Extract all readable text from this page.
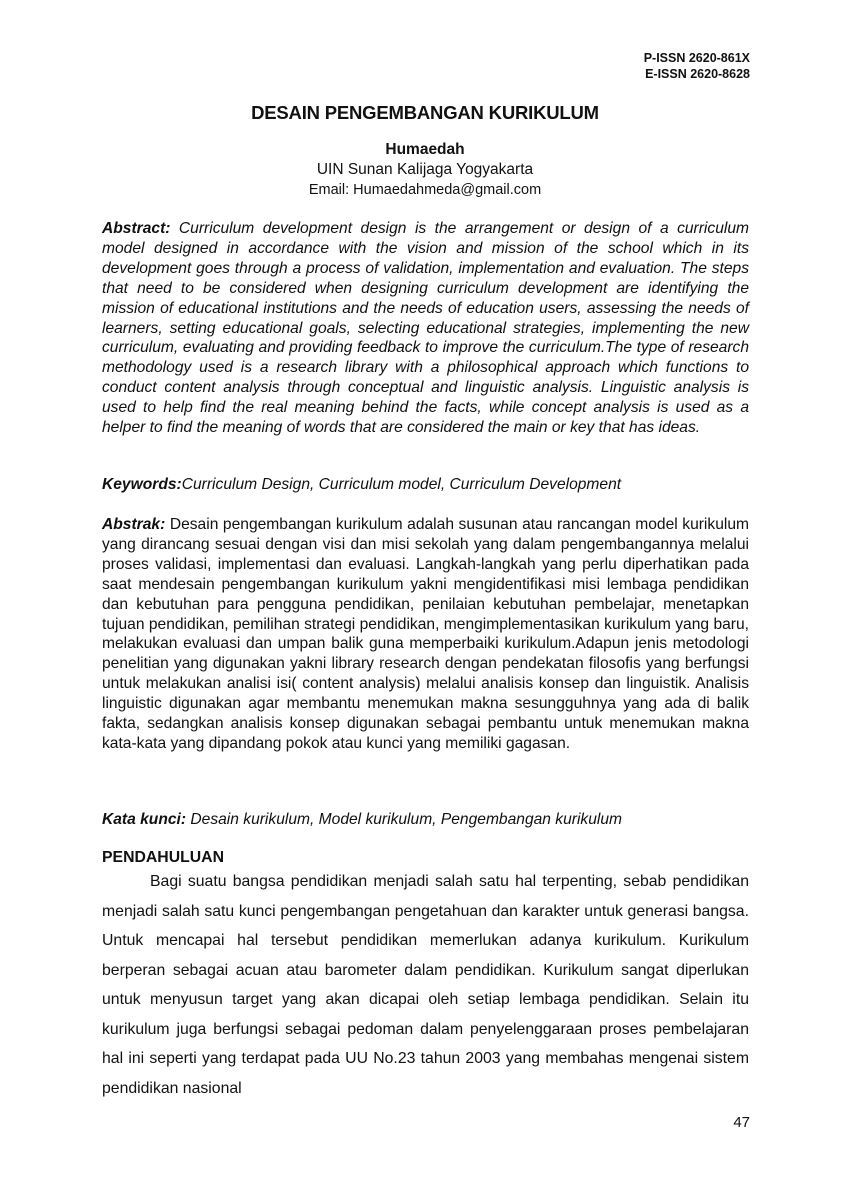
P-ISSN 2620-861X
E-ISSN 2620-8628
DESAIN PENGEMBANGAN KURIKULUM
Humaedah
UIN Sunan Kalijaga Yogyakarta
Email: Humaedahmeda@gmail.com
Abstract: Curriculum development design is the arrangement or design of a curriculum model designed in accordance with the vision and mission of the school which in its development goes through a process of validation, implementation and evaluation. The steps that need to be considered when designing curriculum development are identifying the mission of educational institutions and the needs of education users, assessing the needs of learners, setting educational goals, selecting educational strategies, implementing the new curriculum, evaluating and providing feedback to improve the curriculum.The type of research methodology used is a research library with a philosophical approach which functions to conduct content analysis through conceptual and linguistic analysis. Linguistic analysis is used to help find the real meaning behind the facts, while concept analysis is used as a helper to find the meaning of words that are considered the main or key that has ideas.
Keywords:Curriculum Design, Curriculum model, Curriculum Development
Abstrak: Desain pengembangan kurikulum adalah susunan atau rancangan model kurikulum yang dirancang sesuai dengan visi dan misi sekolah yang dalam pengembangannya melalui proses validasi, implementasi dan evaluasi. Langkah-langkah yang perlu diperhatikan pada saat mendesain pengembangan kurikulum yakni mengidentifikasi misi lembaga pendidikan dan kebutuhan para pengguna pendidikan, penilaian kebutuhan pembelajar, menetapkan tujuan pendidikan, pemilihan strategi pendidikan, mengimplementasikan kurikulum yang baru, melakukan evaluasi dan umpan balik guna memperbaiki kurikulum.Adapun jenis metodologi penelitian yang digunakan yakni library research dengan pendekatan filosofis yang berfungsi untuk melakukan analisi isi( content analysis) melalui analisis konsep dan linguistik. Analisis linguistic digunakan agar membantu menemukan makna sesungguhnya yang ada di balik fakta, sedangkan analisis konsep digunakan sebagai pembantu untuk menemukan makna kata-kata yang dipandang pokok atau kunci yang memiliki gagasan.
Kata kunci: Desain kurikulum, Model kurikulum, Pengembangan kurikulum
PENDAHULUAN
Bagi suatu bangsa pendidikan menjadi salah satu hal terpenting, sebab pendidikan menjadi salah satu kunci pengembangan pengetahuan dan karakter untuk generasi bangsa. Untuk mencapai hal tersebut pendidikan memerlukan adanya kurikulum. Kurikulum berperan sebagai acuan atau barometer dalam pendidikan. Kurikulum sangat diperlukan untuk menyusun target yang akan dicapai oleh setiap lembaga pendidikan. Selain itu kurikulum juga berfungsi sebagai pedoman dalam penyelenggaraan proses pembelajaran hal ini seperti yang terdapat pada UU No.23 tahun 2003 yang membahas mengenai sistem pendidikan nasional
47
